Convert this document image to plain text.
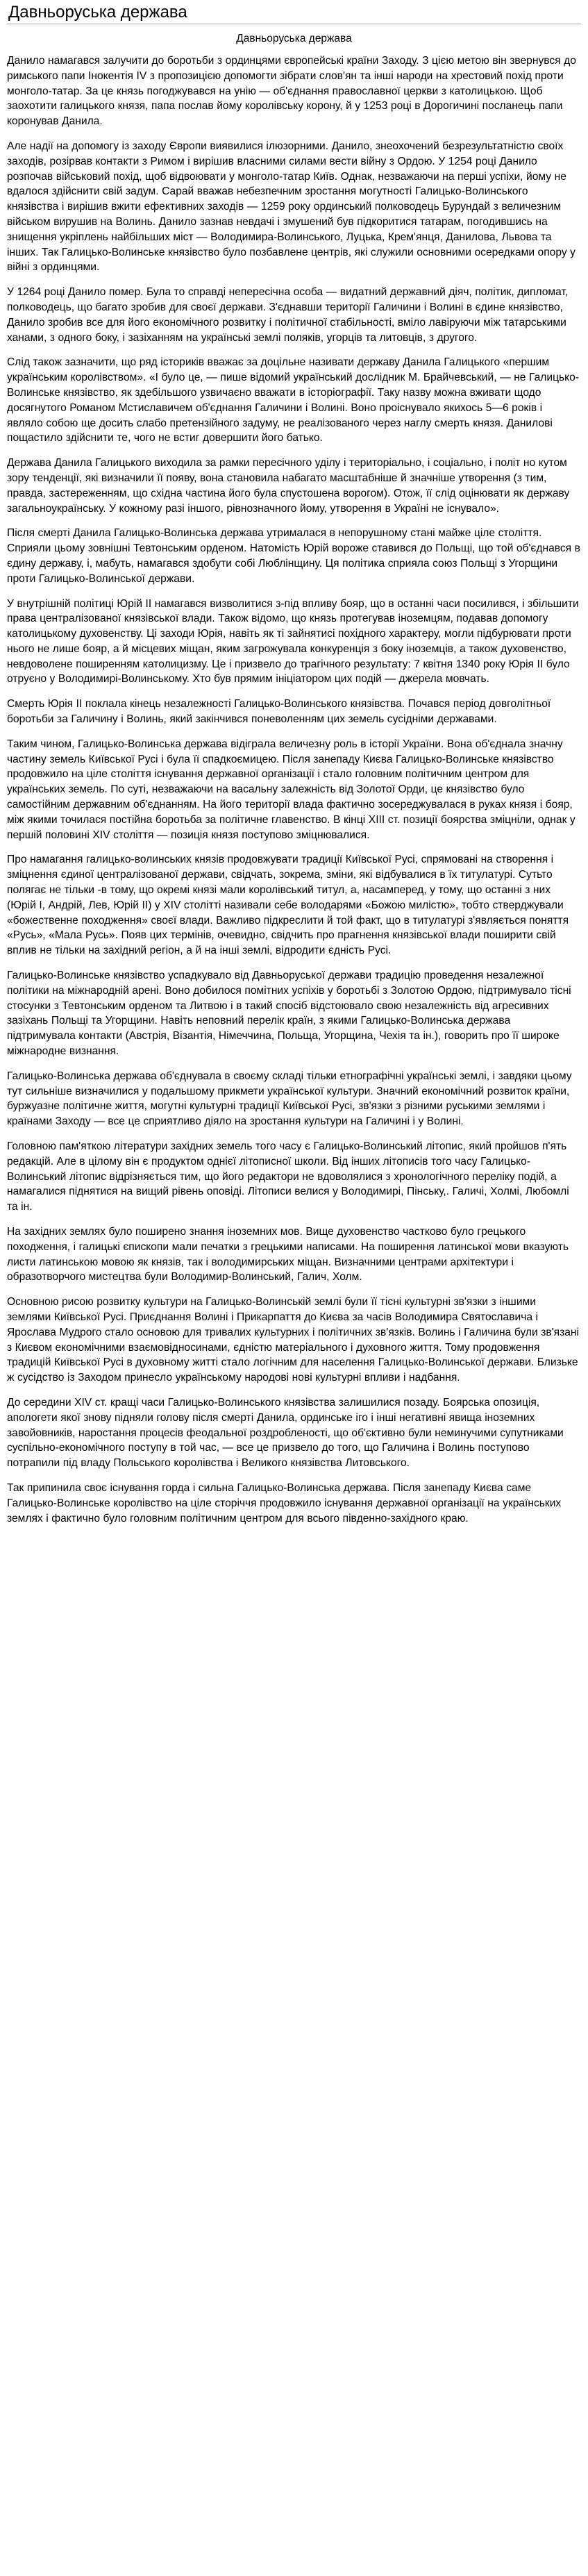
Давньоруська держава
Давньоруська держава

Данило намагався залучити до боротьби з ординцями європейські країни Заходу. З цією метою він звернувся до римського папи Інокентія IV з пропозицією допомогти зібрати слов'ян та інші народи на хрестовий похід проти монголо-татар. За це князь погоджувався на унію — об'єднання православної церкви з католицькою. Щоб заохотити галицького князя, папа послав йому королівську корону, й у 1253 році в Дорогичині посланець папи коронував Данила.

Але надії на допомогу із заходу Європи виявилися ілюзорними. Данило, знеохочений безрезультатністю своїх заходів, розірвав контакти з Римом і вирішив власними силами вести війну з Ордою. У 1254 році Данило розпочав військовий похід, щоб відвоювати у монголо-татар Київ. Однак, незважаючи на перші успіхи, йому не вдалося здійснити свій задум. Сарай вважав небезпечним зростання могутності Галицько-Волинського князівства і вирішив вжити ефективних заходів — 1259 року ординський полководець Бурундай з величезним військом вирушив на Волинь. Данило зазнав невдачі і змушений був підкоритися татарам, погодившись на знищення укріплень найбільших міст — Володимира-Волинського, Луцька, Крем'янця, Данилова, Львова та інших. Так Галицько-Волинське князівство було позбавлене центрів, які служили основними осередками опору у війні з ординцями.

У 1264 році Данило помер. Була то справді непересічна особа — видатний державний діяч, політик, дипломат, полководець, що багато зробив для своєї держави. З'єднавши території Галичини і Волині в єдине князівство, Данило зробив все для його економічного розвитку і політичної стабільності, вміло лавіруючи між татарськими ханами, з одного боку, і зазіханням на українські землі поляків, угорців та литовців, з другого.

Слід також зазначити, що ряд істориків вважає за доцільне називати державу Данила Галицького «першим українським королівством». «І було це, — пише відомий український дослідник М. Брайчевський, — не Галицько-Волинське князівство, як здебільшого узвичаєно вважати в історіографії. Таку назву можна вживати щодо досягнутого Романом Мстиславичем об'єднання Галичини і Волині. Воно проіснувало якихось 5—6 років і являло собою ще досить слабо претензійного задуму, не реалізованого через наглу смерть князя. Данилові пощастило здійснити те, чого не встиг довершити його батько.

Держава Данила Галицького виходила за рамки пересічного уділу і територіально, і соціально, і політ но кутом зору тенденції, які визначили її появу, вона становила набагато масштабніше й значніше утворення (з тим, правда, застереженням, що східна частина його була спустошена ворогом). Отож, її слід оцінювати як державу загальноукраїнську. У кожному разі іншого, рівнозначного йому, утворення в Україні не існувало».

Після смерті Данила Галицько-Волинська держава утрималася в непорушному стані майже ціле століття. Сприяли цьому зовнішні Тевтонським орденом. Натомість Юрій вороже ставився до Польщі, що той об'єднався в єдину державу, і, мабуть, намагався здобути собі Люблінщину. Ця політика сприяла союз Польщі з Угорщини проти Галицько-Волинської держави.

У внутрішній політиці Юрій ІІ намагався визволитися з-під впливу бояр, що в останні часи посилився, і збільшити права централізованої князівської влади. Також відомо, що князь протегував іноземцям, подавав допомогу католицькому духовенству. Ці заходи Юрія, навіть як ті зайнятисі похідного характеру, могли підбурювати проти нього не лише бояр, а й місцевих міщан, яким загрожувала конкуренція з боку іноземців, а також духовенство, невдоволене поширенням католицизму. Це і призвело до трагічного результату: 7 квітня 1340 року Юрія ІІ було отруєно у Володимирі-Волинському. Хто був прямим ініціатором цих подій — джерела мовчать.

Смерть Юрія ІІ поклала кінець незалежності Галицько-Волинського князівства. Почався період довголітньої боротьби за Галичину і Волинь, який закінчився поневоленням цих земель сусідніми державами.

Таким чином, Галицько-Волинська держава відіграла величезну роль в історії України. Вона об'єднала значну частину земель Київської Русі і була її спадкоємицею. Після занепаду Києва Галицько-Волинське князівство продовжило на ціле століття існування державної організації і стало головним політичним центром для українських земель. По суті, незважаючи на васальну залежність від Золотої Орди, це князівство було самостійним державним об'єднанням. На його території влада фактично зосереджувалася в руках князя і бояр, між якими точилася постійна боротьба за політичне главенство. В кінці ХІІІ ст. позиції боярства зміцніли, однак у першій половині XIV століття — позиція князя поступово зміцнювалися.

Про намагання галицько-волинських князів продовжувати традиції Київської Русі, спрямовані на створення і зміцнення єдиної централізованої держави, свідчать, зокрема, зміни, які відбувалися в їх титулатурі. Сутьто полягає не тільки -в тому, що окремі князі мали королівський титул, а, насамперед, у тому, що останні з них (Юрій І, Андрій, Лев, Юрій ІІ) у XIV столітті називали себе володарями «Божою милістю», тобто стверджували «божественне походження» своєї влади. Важливо підкреслити й той факт, що в титулатурі з'являється поняття «Русь», «Мала Русь». Появ цих термінів, очевидно, свідчить про прагнення князівської влади поширити свій вплив не тільки на західний регіон, а й на інші землі, відродити єдність Русі.

Галицько-Волинське князівство успадкувало від Давньоруської держави традицію проведення незалежної політики на міжнародній арені. Воно добилося помітних успіхів у боротьбі з Золотою Ордою, підтримувало тісні стосунки з Тевтонським орденом та Литвою і в такий спосіб відстоювало свою незалежність від агресивних зазіхань Польщі та Угорщини. Навіть неповний перелік країн, з якими Галицько-Волинська держава підтримувала контакти (Австрія, Візантія, Німеччина, Польща, Угорщина, Чехія та ін.), говорить про її широке міжнародне визнання.

Галицько-Волинська держава об'єднувала в своєму складі тільки етнографічні українські землі, і завдяки цьому тут сильніше визначилися у подальшому прикмети української культури. Значний економічний розвиток країни, буржуазне політичне життя, могутні культурні традиції Київської Русі, зв'язки з різними руськими землями і країнами Заходу — все це сприятливо діяло на зростання культури на Галичині і у Волині.

Головною пам'яткою літератури західних земель того часу є Галицько-Волинський літопис, який пройшов п'ять редакцій. Але в цілому він є продуктом однієї літописної школи. Від інших літописів того часу Галицько-Волинський літопис відрізняється тим, що його редактори не вдоволялися з хронологічного переліку подій, а намагалися піднятися на вищий рівень оповіді. Літописи велися у Володимирі, Пінську,. Галичі, Холмі, Любомлі та ін.

На західних землях було поширено знання іноземних мов. Вище духовенство частково було грецького походження, і галицькі єпископи мали печатки з грецькими написами. На поширення латинської мови вказують листи латинською мовою як князів, так і володимирських міщан. Визначними центрами архітектури і образотворчого мистецтва були Володимир-Волинський, Галич, Холм.

Основною рисою розвитку культури на Галицько-Волинській землі були її тісні культурні зв'язки з іншими землями Київської Русі. Приєднання Волині і Прикарпаття до Києва за часів Володимира Святославича і Ярослава Мудрого стало основою для тривалих культурних і політичних зв'язків. Волинь і Галичина були зв'язані з Києвом економічними взаємовідносинами, єдністю матеріального і духовного життя. Тому продовження традицій Київської Русі в духовному житті стало логічним для населення Галицько-Волинської держави. Близьке ж сусідство із Заходом принесло українському народові нові культурні впливи і надбання.

До середини XIV ст. кращі часи Галицько-Волинського князівства залишилися позаду. Боярська опозиція, апологети якої знову підняли голову після смерті Данила, ординське іго і інші негативні явища іноземних завойовників, наростання процесів феодальної роздробленості, що об'єктивно були неминучими супутниками суспільно-економічного поступу в той час, — все це призвело до того, що Галичина і Волинь поступово потрапили під владу Польського королівства і Великого князівства Литовського.

Так припинила своє існування горда і сильна Галицько-Волинська держава. Після занепаду Києва саме Галицько-Волинське королівство на ціле сторіччя продовжило існування державної організації на українських землях і фактично було головним політичним центром для всього південно-західного краю.
